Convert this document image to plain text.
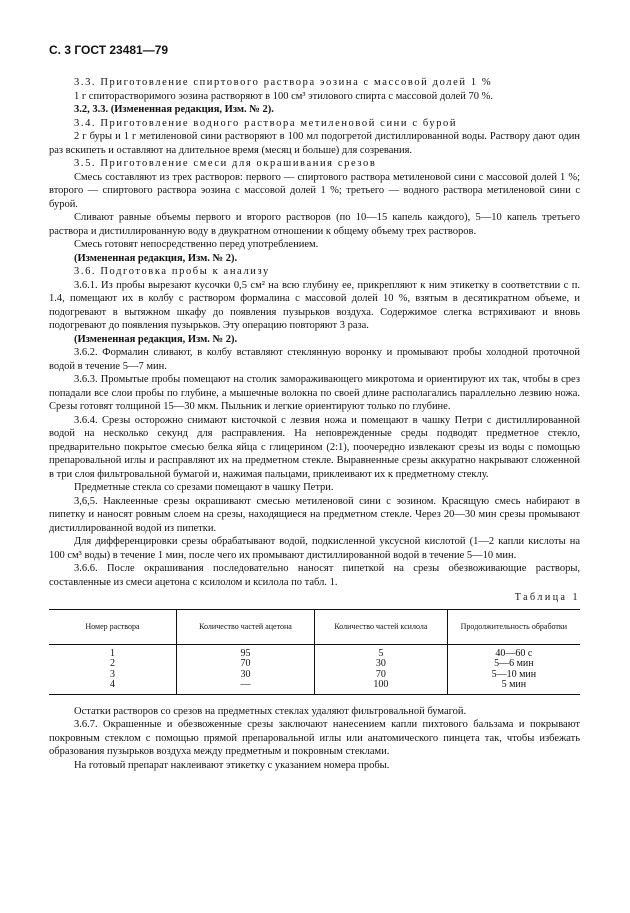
С. 3 ГОСТ 23481—79

3.3. Приготовление спиртового раствора эозина с массовой долей 1 %

1 г спиторастворимого эозина растворяют в 100 см³ этилового спирта с массовой долей 70 %.

3.2, 3.3. (Измененная редакция, Изм. № 2).

3.4. Приготовление водного раствора метиленовой сини с бурой

2 г буры и 1 г метиленовой сини растворяют в 100 мл подогретой дистиллированной воды. Раствору дают один раз вскипеть и оставляют на длительное время (месяц и больше) для созревания.

3.5. Приготовление смеси для окрашивания срезов

Смесь составляют из трех растворов: первого — спиртового раствора метиленовой сини с массовой долей 1 %; второго — спиртового раствора эозина с массовой долей 1 %; третьего — водного раствора метиленовой сини с бурой.

Сливают равные объемы первого и второго растворов (по 10—15 капель каждого), 5—10 капель третьего раствора и дистиллированную воду в двукратном отношении к общему объему трех растворов.

Смесь готовят непосредственно перед употреблением.

(Измененная редакция, Изм. № 2).

3.6. Подготовка пробы к анализу

3.6.1. Из пробы вырезают кусочки 0,5 см² на всю глубину ее, прикрепляют к ним этикетку в соответствии с п. 1.4, помещают их в колбу с раствором формалина с массовой долей 10 %, взятым в десятикратном объеме, и подогревают в вытяжном шкафу до появления пузырьков воздуха. Содержимое слегка встряхивают и вновь подогревают до появления пузырьков. Эту операцию повторяют 3 раза.

(Измененная редакция, Изм. № 2).

3.6.2. Формалин сливают, в колбу вставляют стеклянную воронку и промывают пробы холодной проточной водой в течение 5—7 мин.

3.6.3. Промытые пробы помещают на столик замораживающего микротома и ориентируют их так, чтобы в срез попадали все слои пробы по глубине, а мышечные волокна по своей длине располагались параллельно лезвию ножа. Срезы готовят толщиной 15—30 мкм. Пыльник и легкие ориентируют только по глубине.

3.6.4. Срезы осторожно снимают кисточкой с лезвия ножа и помещают в чашку Петри с дистиллированной водой на несколько секунд для расправления. На неповрежденные среды подводят предметное стекло, предварительно покрытое смесью белка яйца с глицерином (2:1), поочередно извлекают срезы из воды с помощью препаровальной иглы и расправляют их на предметном стекле. Выравненные срезы аккуратно накрывают сложенной в три слоя фильтровальной бумагой и, нажимая пальцами, приклеивают их к предметному стеклу.

Предметные стекла со срезами помещают в чашку Петри.

3,6,5. Наклеенные срезы окрашивают смесью метиленовой сини с эозином. Красящую смесь набирают в пипетку и наносят ровным слоем на срезы, находящиеся на предметном стекле. Через 20—30 мин срезы промывают дистиллированной водой из пипетки.

Для дифференцировки срезы обрабатывают водой, подкисленной уксусной кислотой (1—2 капли кислоты на 100 см³ воды) в течение 1 мин, после чего их промывают дистиллированной водой в течение 5—10 мин.

3.6.6. После окрашивания последовательно наносят пипеткой на срезы обезвоживающие растворы, составленные из смеси ацетона с ксилолом и ксилола по табл. 1.

Таблица 1
Номер раствора	Количество частей ацетона	Количество частей ксилола	Продолжительность обработки
1	95	5	40—60 с
2	70	30	5—6 мин
3	30	70	5—10 мин
4	—	100	5 мин

Остатки растворов со срезов на предметных стеклах удаляют фильтровальной бумагой.

3.6.7. Окрашенные и обезвоженные срезы заключают нанесением капли пихтового бальзама и покрывают покровным стеклом с помощью прямой препаровальной иглы или анатомического пинцета так, чтобы избежать образования пузырьков воздуха между предметным и покровным стеклами.

На готовый препарат наклеивают этикетку с указанием номера пробы.
